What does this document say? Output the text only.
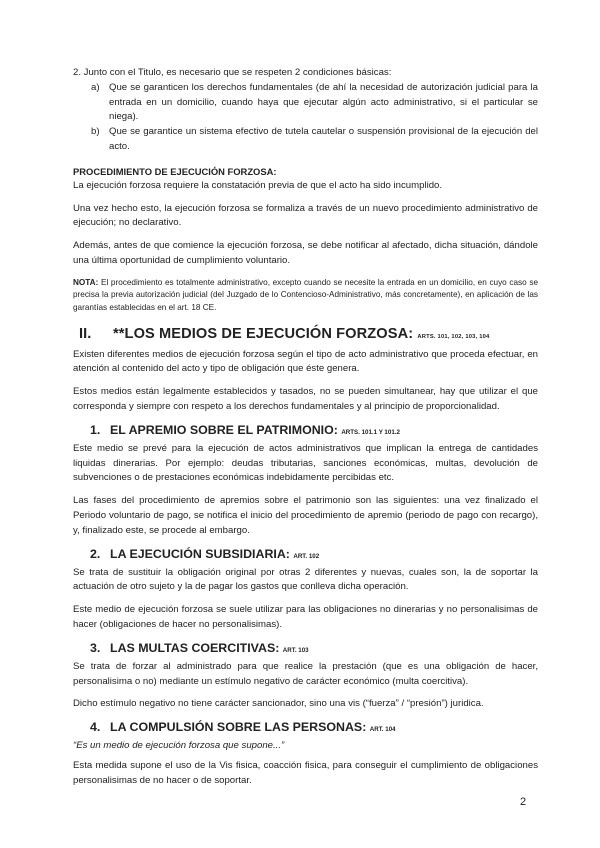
2. Junto con el Titulo, es necesario que se respeten 2 condiciones básicas:

a) Que se garanticen los derechos fundamentales (de ahí la necesidad de autorización judicial para la entrada en un domicilio, cuando haya que ejecutar algún acto administrativo, si el particular se niega).
b) Que se garantice un sistema efectivo de tutela cautelar o suspensión provisional de la ejecución del acto.
PROCEDIMIENTO DE EJECUCIÓN FORZOSA:

La ejecución forzosa requiere la constatación previa de que el acto ha sido incumplido.

Una vez hecho esto, la ejecución forzosa se formaliza a través de un nuevo procedimiento administrativo de ejecución; no declarativo.

Además, antes de que comience la ejecución forzosa, se debe notificar al afectado, dicha situación, dándole una última oportunidad de cumplimiento voluntario.

NOTA: El procedimiento es totalmente administrativo, excepto cuando se necesite la entrada en un domicilio, en cuyo caso se precisa la previa autorización judicial (del Juzgado de lo Contencioso-Administrativo, más concretamente), en aplicación de las garantías establecidas en el art. 18 CE.
II. **LOS MEDIOS DE EJECUCIÓN FORZOSA: ARTS. 101, 102, 103, 104

Existen diferentes medios de ejecución forzosa según el tipo de acto administrativo que proceda efectuar, en atención al contenido del acto y tipo de obligación que éste genera.

Estos medios están legalmente establecidos y tasados, no se pueden simultanear, hay que utilizar el que corresponda y siempre con respeto a los derechos fundamentales y al principio de proporcionalidad.

1. EL APREMIO SOBRE EL PATRIMONIO: ARTS. 101.1 Y 101.2

Este medio se prevé para la ejecución de actos administrativos que implican la entrega de cantidades liquidas dinerarias. Por ejemplo: deudas tributarias, sanciones económicas, multas, devolución de subvenciones o de prestaciones económicas indebidamente percibidas etc.

Las fases del procedimiento de apremios sobre el patrimonio son las siguientes: una vez finalizado el Periodo voluntario de pago, se notifica el inicio del procedimiento de apremio (periodo de pago con recargo), y, finalizado este, se procede al embargo.

2. LA EJECUCIÓN SUBSIDIARIA: ART. 102

Se trata de sustituir la obligación original por otras 2 diferentes y nuevas, cuales son, la de soportar la actuación de otro sujeto y la de pagar los gastos que conlleva dicha operación.

Este medio de ejecución forzosa se suele utilizar para las obligaciones no dinerarias y no personalisimas de hacer (obligaciones de hacer no personalisimas).

3. LAS MULTAS COERCITIVAS: ART. 103

Se trata de forzar al administrado para que realice la prestación (que es una obligación de hacer, personalisima o no) mediante un estímulo negativo de carácter económico (multa coercitiva).

Dicho estímulo negativo no tiene carácter sancionador, sino una vis (“fuerza” / “presión”) juridica.

4. LA COMPULSIÓN SOBRE LAS PERSONAS: ART. 104
“Es un medio de ejecución forzosa que supone...”

Esta medida supone el uso de la Vis fisica, coacción fisica, para conseguir el cumplimiento de obligaciones personalisimas de no hacer o de soportar.

2
